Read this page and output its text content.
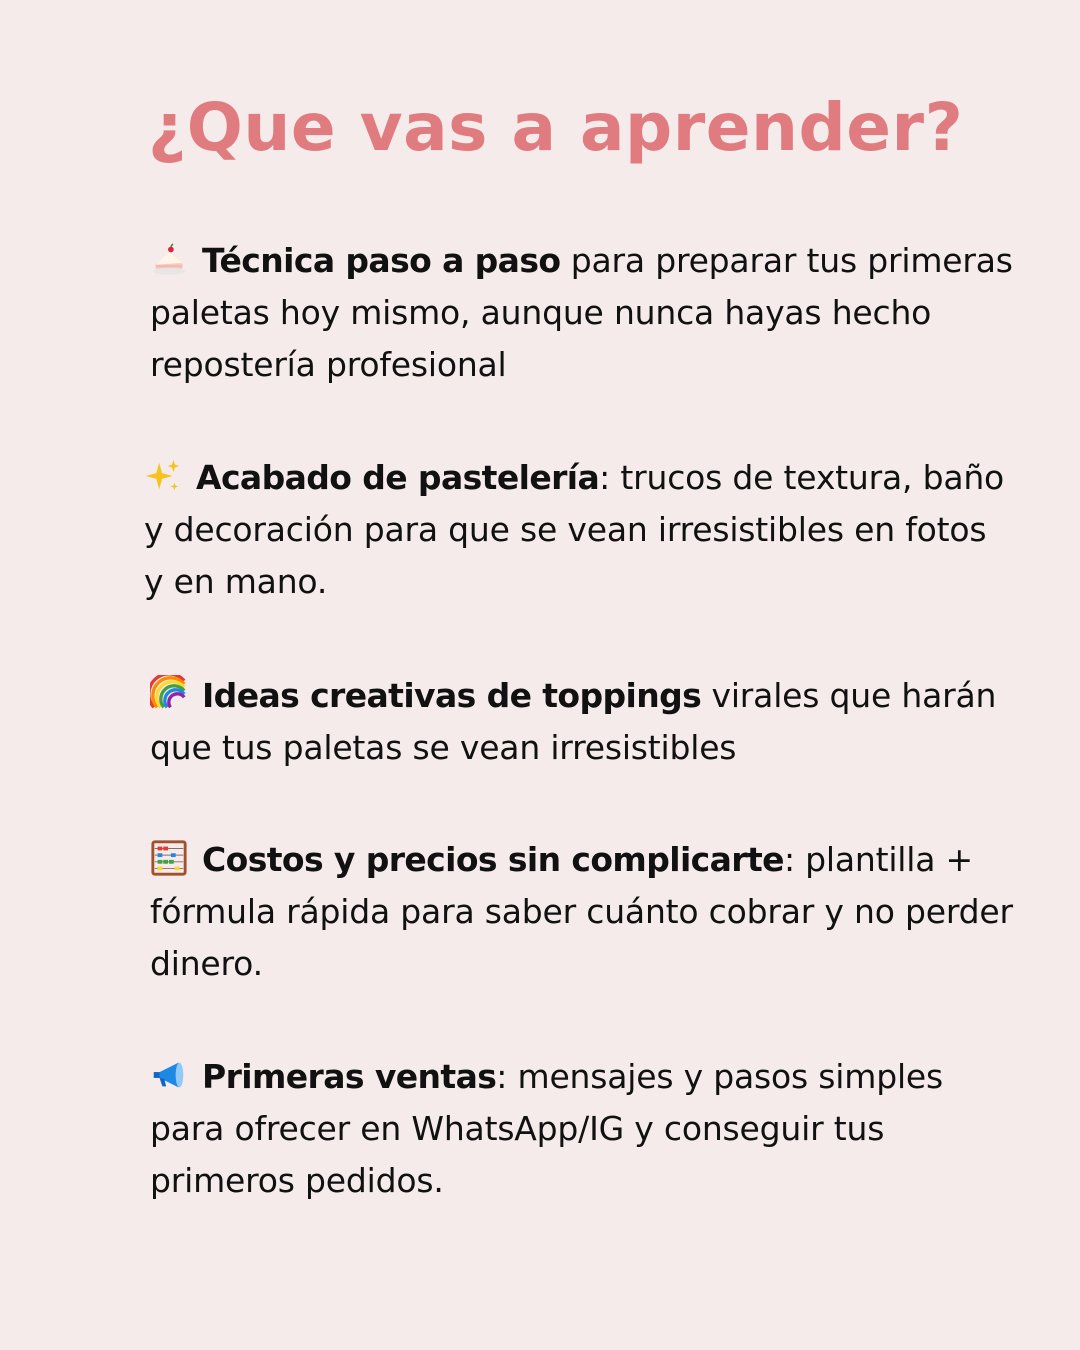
¿Que vas a aprender?

Técnica paso a paso para preparar tus primeras paletas hoy mismo, aunque nunca hayas hecho repostería profesional

Acabado de pastelería: trucos de textura, baño y decoración para que se vean irresistibles en fotos y en mano.

Ideas creativas de toppings virales que harán que tus paletas se vean irresistibles

Costos y precios sin complicarte: plantilla + fórmula rápida para saber cuánto cobrar y no perder dinero.

Primeras ventas: mensajes y pasos simples para ofrecer en WhatsApp/IG y conseguir tus primeros pedidos.
